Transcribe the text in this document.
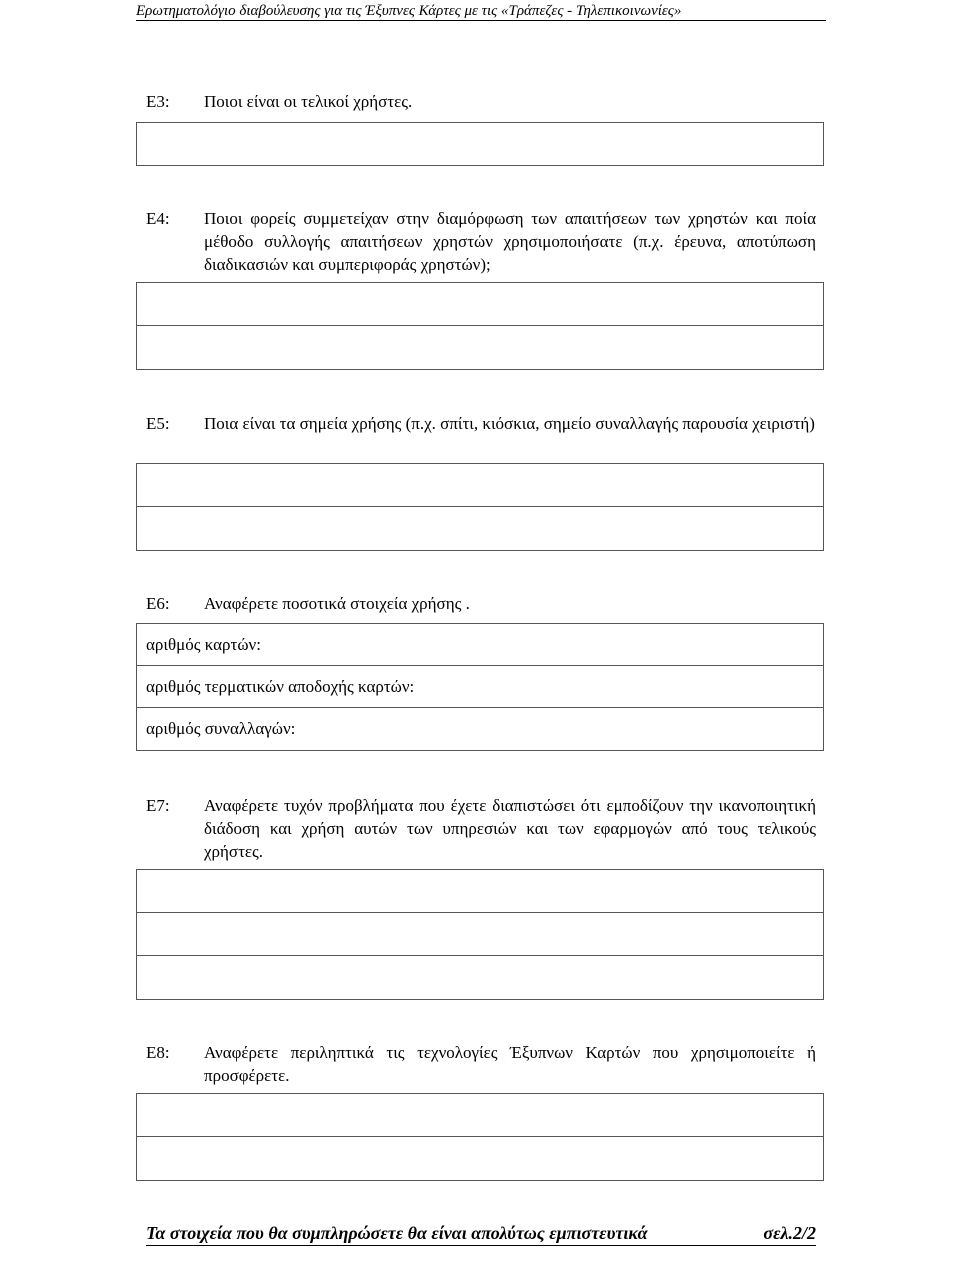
Ερωτηματολόγιο διαβούλευσης για τις Έξυπνες Κάρτες με τις «Τράπεζες - Τηλεπικοινωνίες»
Ε3: Ποιοι είναι οι τελικοί χρήστες.
Ε4: Ποιοι φορείς συμμετείχαν στην διαμόρφωση των απαιτήσεων των χρηστών και ποία μέθοδο συλλογής απαιτήσεων χρηστών χρησιμοποιήσατε (π.χ. έρευνα, αποτύπωση διαδικασιών και συμπεριφοράς χρηστών);
Ε5: Ποια είναι τα σημεία χρήσης (π.χ. σπίτι, κιόσκια, σημείο συναλλαγής παρουσία χειριστή)
Ε6: Αναφέρετε ποσοτικά στοιχεία χρήσης .
αριθμός καρτών:
αριθμός τερματικών αποδοχής καρτών:
αριθμός συναλλαγών:
Ε7: Αναφέρετε τυχόν προβλήματα που έχετε διαπιστώσει ότι εμποδίζουν την ικανοποιητική διάδοση και χρήση αυτών των υπηρεσιών και των εφαρμογών από τους τελικούς χρήστες.
Ε8: Αναφέρετε περιληπτικά τις τεχνολογίες Έξυπνων Καρτών που χρησιμοποιείτε ή προσφέρετε.
Τα στοιχεία που θα συμπληρώσετε θα είναι απολύτως εμπιστευτικά	σελ.2/2
